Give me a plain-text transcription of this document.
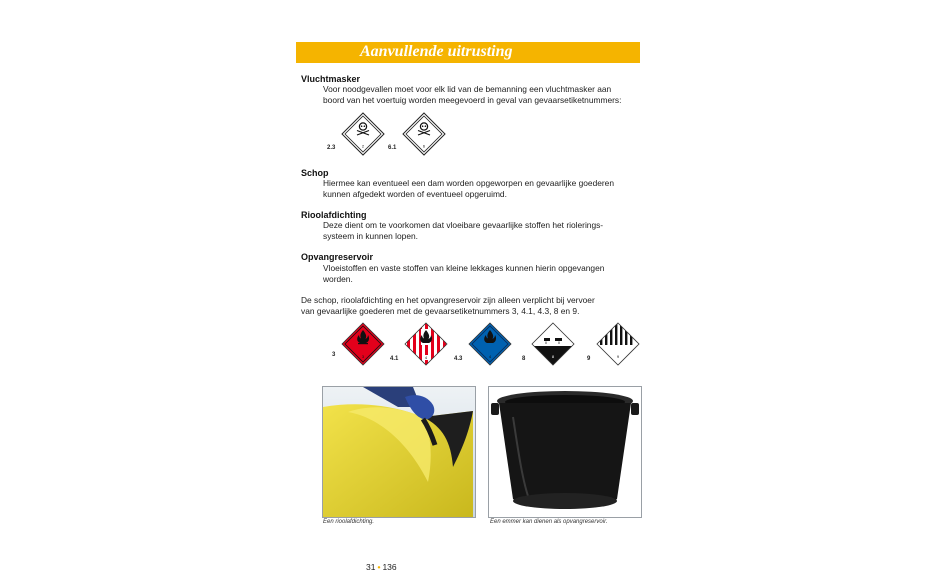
Aanvullende uitrusting
Vluchtmasker
Voor noodgevallen moet voor elk lid van de bemanning een vluchtmasker aan
boord van het voertuig worden meegevoerd in geval van gevaarsetiketnummers:
2.3	2	6.1	6
Schop
Hiermee kan eventueel een dam worden opgeworpen en gevaarlijke goederen
kunnen afgedekt worden of eventueel opgeruimd.
Rioolafdichting
Deze dient om te voorkomen dat vloeibare gevaarlijke stoffen het riolerings-
systeem in kunnen lopen.
Opvangreservoir
Vloeistoffen en vaste stoffen van kleine lekkages kunnen hierin opgevangen
worden.
De schop, rioolafdichting en het opvangreservoir zijn alleen verplicht bij vervoer
van gevaarlijke goederen met de gevaarsetiketnummers 3, 4.1, 4.3, 8 en 9.
3	3	4.1	4	4.3	4	8	8	9	9
Een rioolafdichting.	Een emmer kan dienen als opvangreservoir.
31 • 136
